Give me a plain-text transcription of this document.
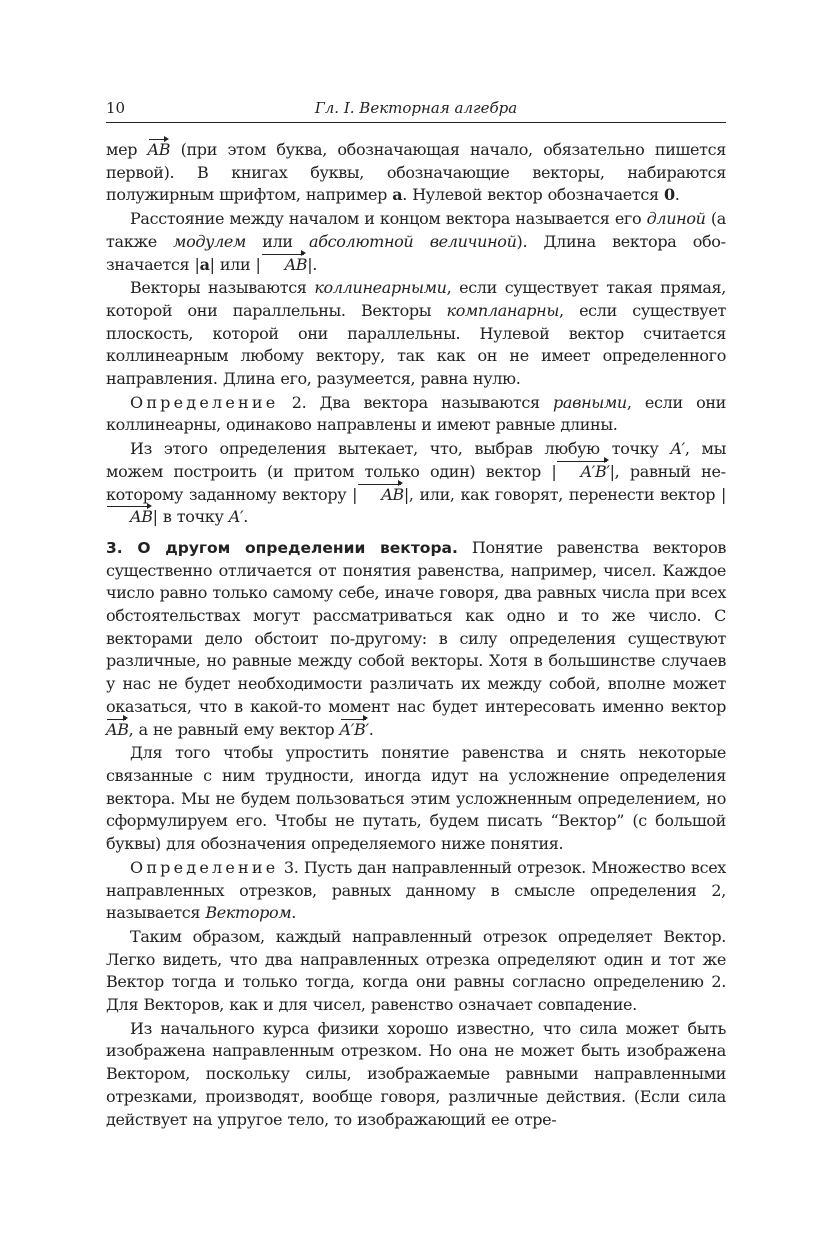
10	Гл. I. Векторная алгебра

мер AB (при этом буква, обозначающая начало, обязательно пишется первой). В книгах буквы, обозначающие векторы, набираются полужирным шрифтом, например a. Нулевой вектор обозначается 0.

Расстояние между началом и концом вектора называется его длиной (а также модулем или абсолютной величиной). Длина вектора обозначается |a| или | AB|.

Векторы называются коллинеарными, если существует такая прямая, которой они параллельны. Векторы компланарны, если существует плоскость, которой они параллельны. Нулевой вектор считается коллинеарным любому вектору, так как он не имеет определенного направления. Длина его, разумеется, равна нулю.

Определение 2. Два вектора называются равными, если они коллинеарны, одинаково направлены и имеют равные длины.

Из этого определения вытекает, что, выбрав любую точку A′, мы можем построить (и притом только один) вектор | A′B′|, равный некоторому заданному вектору | AB|, или, как говорят, перенести вектор |AB| в точку A′.

3. О другом определении вектора. Понятие равенства векторов существенно отличается от понятия равенства, например, чисел. Каждое число равно только самому себе, иначе говоря, два равных числа при всех обстоятельствах могут рассматриваться как одно и то же число. С векторами дело обстоит по-другому: в силу определения существуют различные, но равные между собой векторы. Хотя в большинстве случаев у нас не будет необходимости различать их между собой, вполне может оказаться, что в какой-то момент нас будет интересовать именно вектор AB, а не равный ему вектор A′B′.

Для того чтобы упростить понятие равенства и снять некоторые связанные с ним трудности, иногда идут на усложнение определения вектора. Мы не будем пользоваться этим усложненным определением, но сформулируем его. Чтобы не путать, будем писать “Вектор” (с большой буквы) для обозначения определяемого ниже понятия.

Определение 3. Пусть дан направленный отрезок. Множество всех направленных отрезков, равных данному в смысле определения 2, называется Вектором.

Таким образом, каждый направленный отрезок определяет Вектор. Легко видеть, что два направленных отрезка определяют один и тот же Вектор тогда и только тогда, когда они равны согласно определению 2. Для Векторов, как и для чисел, равенство означает совпадение.

Из начального курса физики хорошо известно, что сила может быть изображена направленным отрезком. Но она не может быть изображена Вектором, поскольку силы, изображаемые равными направленными отрезками, производят, вообще говоря, различные действия. (Если сила действует на упругое тело, то изображающий ее отре-
